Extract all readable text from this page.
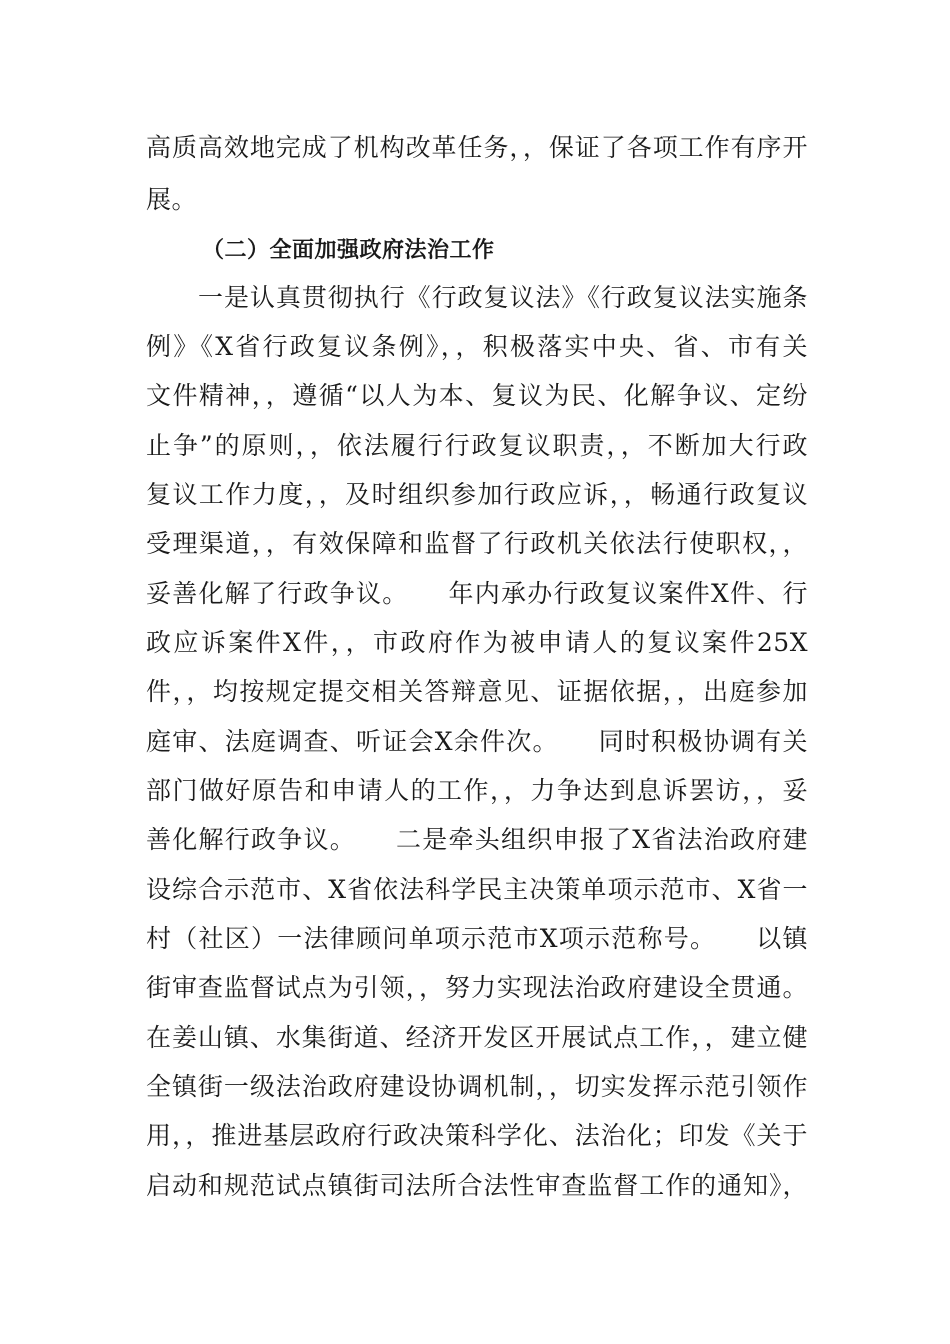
高质高效地完成了机构改革任务，，保证了各项工作有序开
展。
（二）全面加强政府法治工作
一是认真贯彻执行《行政复议法》《行政复议法实施条
例》《X省行政复议条例》，，积极落实中央、省、市有关
文件精神，，遵循“以人为本、复议为民、化解争议、定纷
止争”的原则，，依法履行行政复议职责，，不断加大行政
复议工作力度，，及时组织参加行政应诉，，畅通行政复议
受理渠道，，有效保障和监督了行政机关依法行使职权，，
妥善化解了行政争议。　　年内承办行政复议案件X件、行
政应诉案件X件，，市政府作为被申请人的复议案件25X
件，，均按规定提交相关答辩意见、证据依据，，出庭参加
庭审、法庭调查、听证会X余件次。　　同时积极协调有关
部门做好原告和申请人的工作，，力争达到息诉罢访，，妥
善化解行政争议。　　二是牵头组织申报了X省法治政府建
设综合示范市、X省依法科学民主决策单项示范市、X省一
村（社区）一法律顾问单项示范市X项示范称号。　　以镇
街审查监督试点为引领，，努力实现法治政府建设全贯通。
在姜山镇、水集街道、经济开发区开展试点工作，，建立健
全镇街一级法治政府建设协调机制，，切实发挥示范引领作
用，，推进基层政府行政决策科学化、法治化；印发《关于
启动和规范试点镇街司法所合法性审查监督工作的通知》，
